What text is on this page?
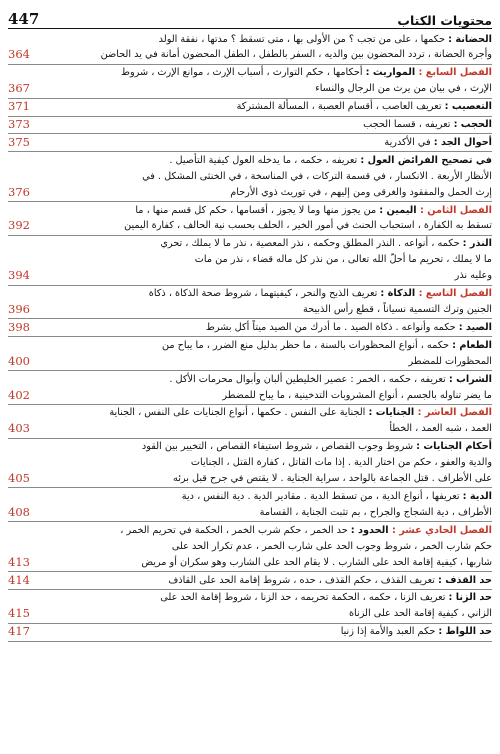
447	محتويات الكتاب

364
الحضانة : حكمها ، على من تجب ؟ من الأولى بها ، متى تسقط ؟ مدتها ، نفقة الولد
وأجرة الحضانة ، تردد المحضون بين والديه ، السفر بالطفل ، الطفل المحضون أمانة في يد الحاضن

367
الفصل السابع : المواريث : أحكامها ، حكم التوارث ، أسباب الإرث ، موانع الإرث ، شروط
الإرث ، في بيان من يرث من الرجال والنساء
371	التعصيب : تعريف العاصب ، أقسام العصبة ، المسألة المشتركة
373	الحجب : تعريفه ، قسما الحجب
375	أحوال الجد : في الأكدرية

376
في تصحيح الفرائض العول : تعريفه ، حكمه ، ما يدخله العول كيفية التأصيل .
الأنظار الأربعة . الانكسار ، في قسمة التركات ، في المناسخة ، في الخنثى المشكل . في
إرث الحمل والمفقود والغرقى ومن إليهم ، في توريث ذوي الأرحام

392
الفصل الثامن : اليمين : من يجوز منها وما لا يجوز ، أقسامها ، حكم كل قسم منها ، ما
تسقط به الكفارة ، استحباب الحنث في أمور الخير ، الحلف بحسب نية الحالف ، كفارة اليمين

394
النذر : حكمه ، أنواعه . النذر المطلق وحكمه ، نذر المعصية ، نذر ما لا يملك ، تحري
ما لا يملك ، تحريم ما أحلّ الله تعالى ، من نذر كل ماله قضاء ، نذر من مات
وعليه نذر

396
الفصل التاسع : الذكاة : تعريف الذبح والنحر ، كيفيتهما ، شروط صحة الذكاة ، ذكاة
الجنين وترك التسمية نسياناً ، قطع رأس الذبيحة
398	الصيد : حكمه وأنواعه . ذكاة الصيد . ما أدرك من الصيد ميتاً أكل بشرط

400
الطعام : حكمه ، أنواع المحظورات بالسنة ، ما حظر بدليل منع الضرر ، ما يباح من
المحظورات للمضطر

402
الشراب : تعريفه ، حكمه ، الخمر : عصير الخليطين ألبان وأبوال محرمات الأكل .
ما يضر تناوله بالجسم ، أنواع المشروبات التدخينية ، ما يباح للمضطر

403
الفصل العاشر : الجنايات : الجناية على النفس . حكمها ، أنواع الجنايات على النفس ، الجناية
العمد ، شبه العمد ، الخطأ

405
أحكام الجنايات : شروط وجوب القصاص ، شروط استيفاء القصاص ، التخيير بين القود
والدية والعفو ، حكم من اختار الدية . إذا مات القاتل ، كفارة القتل ، الجنايات
على الأطراف . قتل الجماعة بالواحد ، سراية الجناية . لا يقتص في جرح قبل برئه

408
الدية : تعريفها ، أنواع الدية ، من تسقط الدية . مقادير الدية . دية النفس ، دية
الأطراف ، دية الشجاج والجراح ، بم تثبت الجناية ، القسامة

413
الفصل الحادي عشر : الحدود : حد الخمر ، حكم شرب الخمر ، الحكمة في تحريم الخمر ،
حكم شارب الخمر ، شروط وجوب الحد على شارب الخمر ، عدم تكرار الحد على
شاربها ، كيفية إقامة الحد على الشارب . لا يقام الحد على الشارب وهو سكران أو مريض
414	حد القذف : تعريف القذف ، حكم القذف ، حده ، شروط إقامة الحد على القاذف

415
حد الزنا : تعريف الزنا ، حكمه ، الحكمة تحريمه ، حد الزنا ، شروط إقامة الحد على
الزاني ، كيفية إقامة الحد على الزناة
417	حد اللواط : حكم العبد والأمة إذا زنيا
